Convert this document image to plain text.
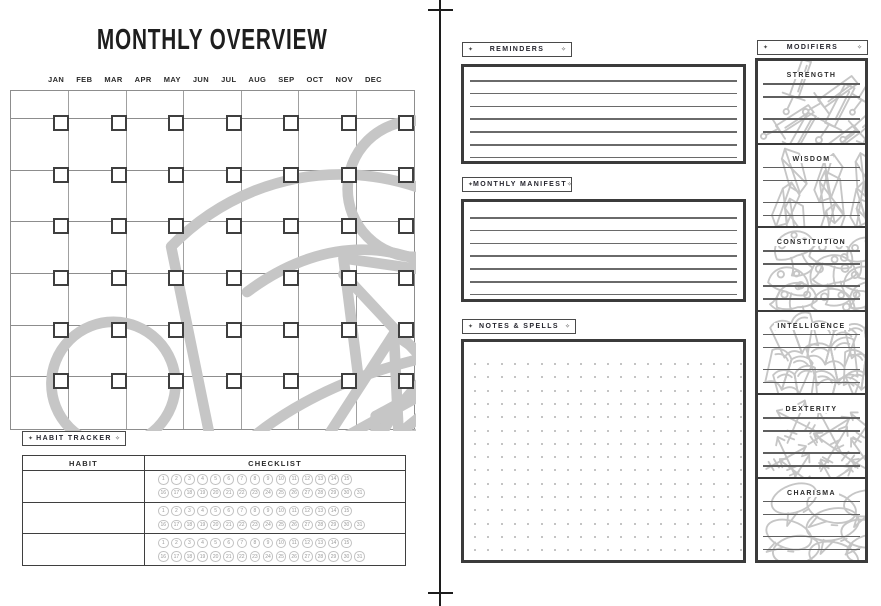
MONTHLY OVERVIEW
JAN FEB MAR APR MAY JUN JUL AUG SEP OCT NOV DEC
✦ HABIT TRACKER ✧
HABIT	CHECKLIST
1	2	3	4	5	6	7	8	9	10	11	12	13	14	15
16	17	18	19	20	21	22	23	24	25	26	27	28	29	30	31
1	2	3	4	5	6	7	8	9	10	11	12	13	14	15
16	17	18	19	20	21	22	23	24	25	26	27	28	29	30	31
1	2	3	4	5	6	7	8	9	10	11	12	13	14	15
16	17	18	19	20	21	22	23	24	25	26	27	28	29	30	31
✦ REMINDERS	✧
✦ MONTHLY MANIFEST ✧
✦ NOTES & SPELLS ✧
✦	MODIFIERS	✧
STRENGTH
WISDOM
CONSTITUTION
INTELLIGENCE
DEXTERITY
CHARISMA
